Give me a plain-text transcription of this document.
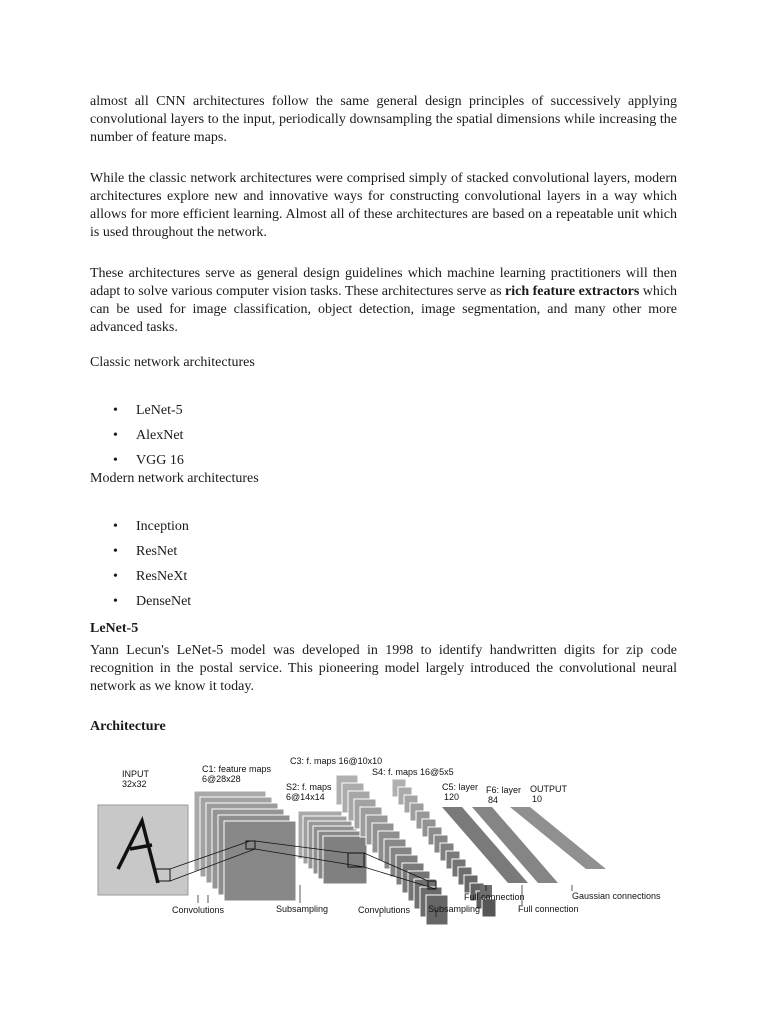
almost all CNN architectures follow the same general design principles of successively applying convolutional layers to the input, periodically downsampling the spatial dimensions while increasing the number of feature maps.

While the classic network architectures were comprised simply of stacked convolutional layers, modern architectures explore new and innovative ways for constructing convolutional layers in a way which allows for more efficient learning. Almost all of these architectures are based on a repeatable unit which is used throughout the network.

These architectures serve as general design guidelines which machine learning practitioners will then adapt to solve various computer vision tasks. These architectures serve as rich feature extractors which can be used for image classification, object detection, image segmentation, and many other more advanced tasks.

Classic network architectures

• LeNet-5
• AlexNet
• VGG 16

Modern network architectures

• Inception
• ResNet
• ResNeXt
• DenseNet

LeNet-5

Yann Lecun's LeNet-5 model was developed in 1998 to identify handwritten digits for zip code recognition in the postal service. This pioneering model largely introduced the convolutional neural network as we know it today.

Architecture

INPUT
32x32
C1: feature maps
6@28x28
C3: f. maps 16@10x10
S4: f. maps 16@5x5
S2: f. maps
6@14x14
C5: layer
120
F6: layer
84
OUTPUT
10
Convolutions	Subsampling	Convolutions Subsampling
Full connection
Full connection
Gaussian connections
